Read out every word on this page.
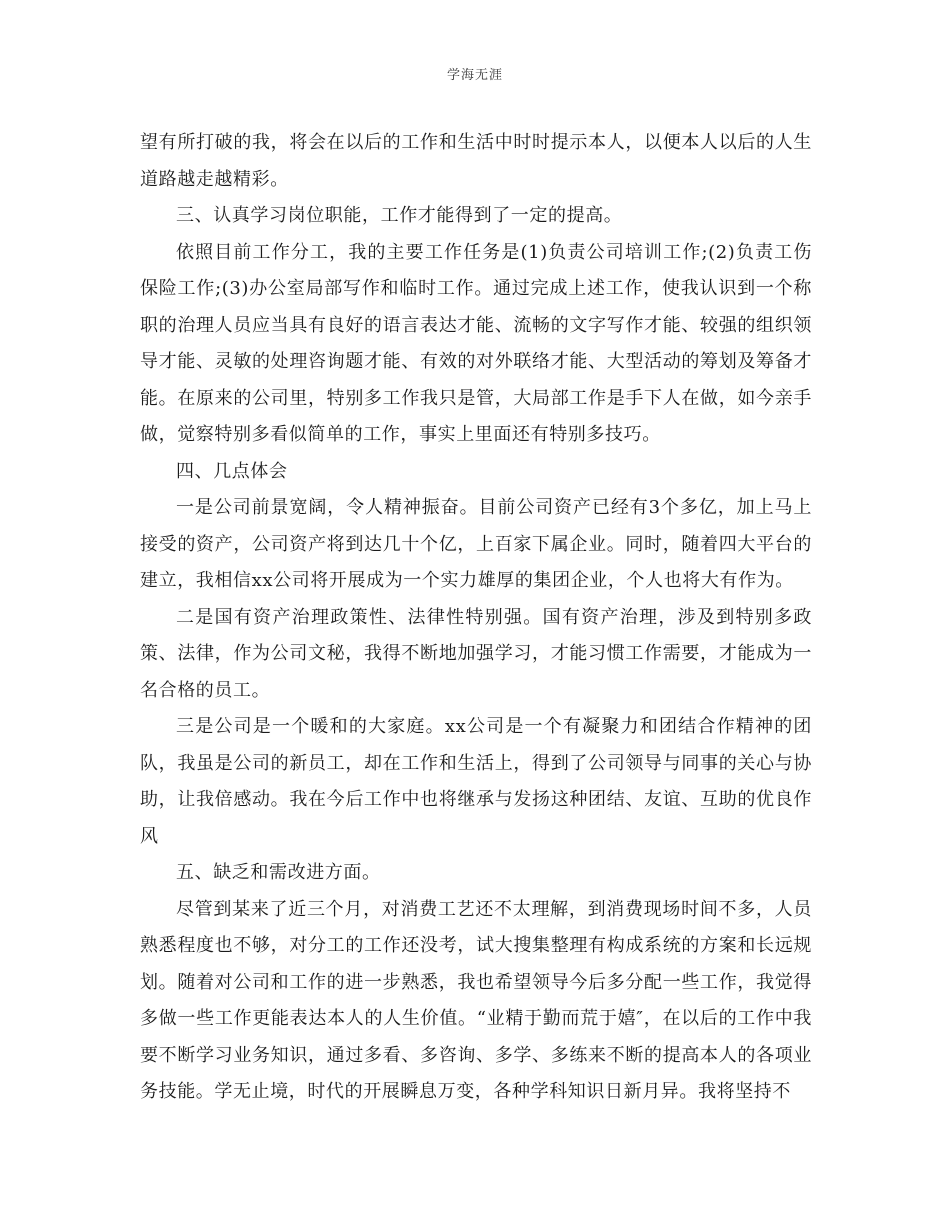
学海无涯

望有所打破的我，将会在以后的工作和生活中时时提示本人，以便本人以后的人生道路越走越精彩。

三、认真学习岗位职能，工作才能得到了一定的提高。

依照目前工作分工，我的主要工作任务是(1)负责公司培训工作;(2)负责工伤保险工作;(3)办公室局部写作和临时工作。通过完成上述工作，使我认识到一个称职的治理人员应当具有良好的语言表达才能、流畅的文字写作才能、较强的组织领导才能、灵敏的处理咨询题才能、有效的对外联络才能、大型活动的筹划及筹备才能。在原来的公司里，特别多工作我只是管，大局部工作是手下人在做，如今亲手做，觉察特别多看似简单的工作，事实上里面还有特别多技巧。

四、几点体会

一是公司前景宽阔，令人精神振奋。目前公司资产已经有3个多亿，加上马上接受的资产，公司资产将到达几十个亿，上百家下属企业。同时，随着四大平台的建立，我相信xx公司将开展成为一个实力雄厚的集团企业，个人也将大有作为。

二是国有资产治理政策性、法律性特别强。国有资产治理，涉及到特别多政策、法律，作为公司文秘，我得不断地加强学习，才能习惯工作需要，才能成为一名合格的员工。

三是公司是一个暖和的大家庭。xx公司是一个有凝聚力和团结合作精神的团队，我虽是公司的新员工，却在工作和生活上，得到了公司领导与同事的关心与协助，让我倍感动。我在今后工作中也将继承与发扬这种团结、友谊、互助的优良作风

五、缺乏和需改进方面。

尽管到某来了近三个月，对消费工艺还不太理解，到消费现场时间不多，人员熟悉程度也不够，对分工的工作还没考，试大搜集整理有构成系统的方案和长远规划。随着对公司和工作的进一步熟悉，我也希望领导今后多分配一些工作，我觉得多做一些工作更能表达本人的人生价值。“业精于勤而荒于嬉″，在以后的工作中我要不断学习业务知识，通过多看、多咨询、多学、多练来不断的提高本人的各项业务技能。学无止境，时代的开展瞬息万变，各种学科知识日新月异。我将坚持不
